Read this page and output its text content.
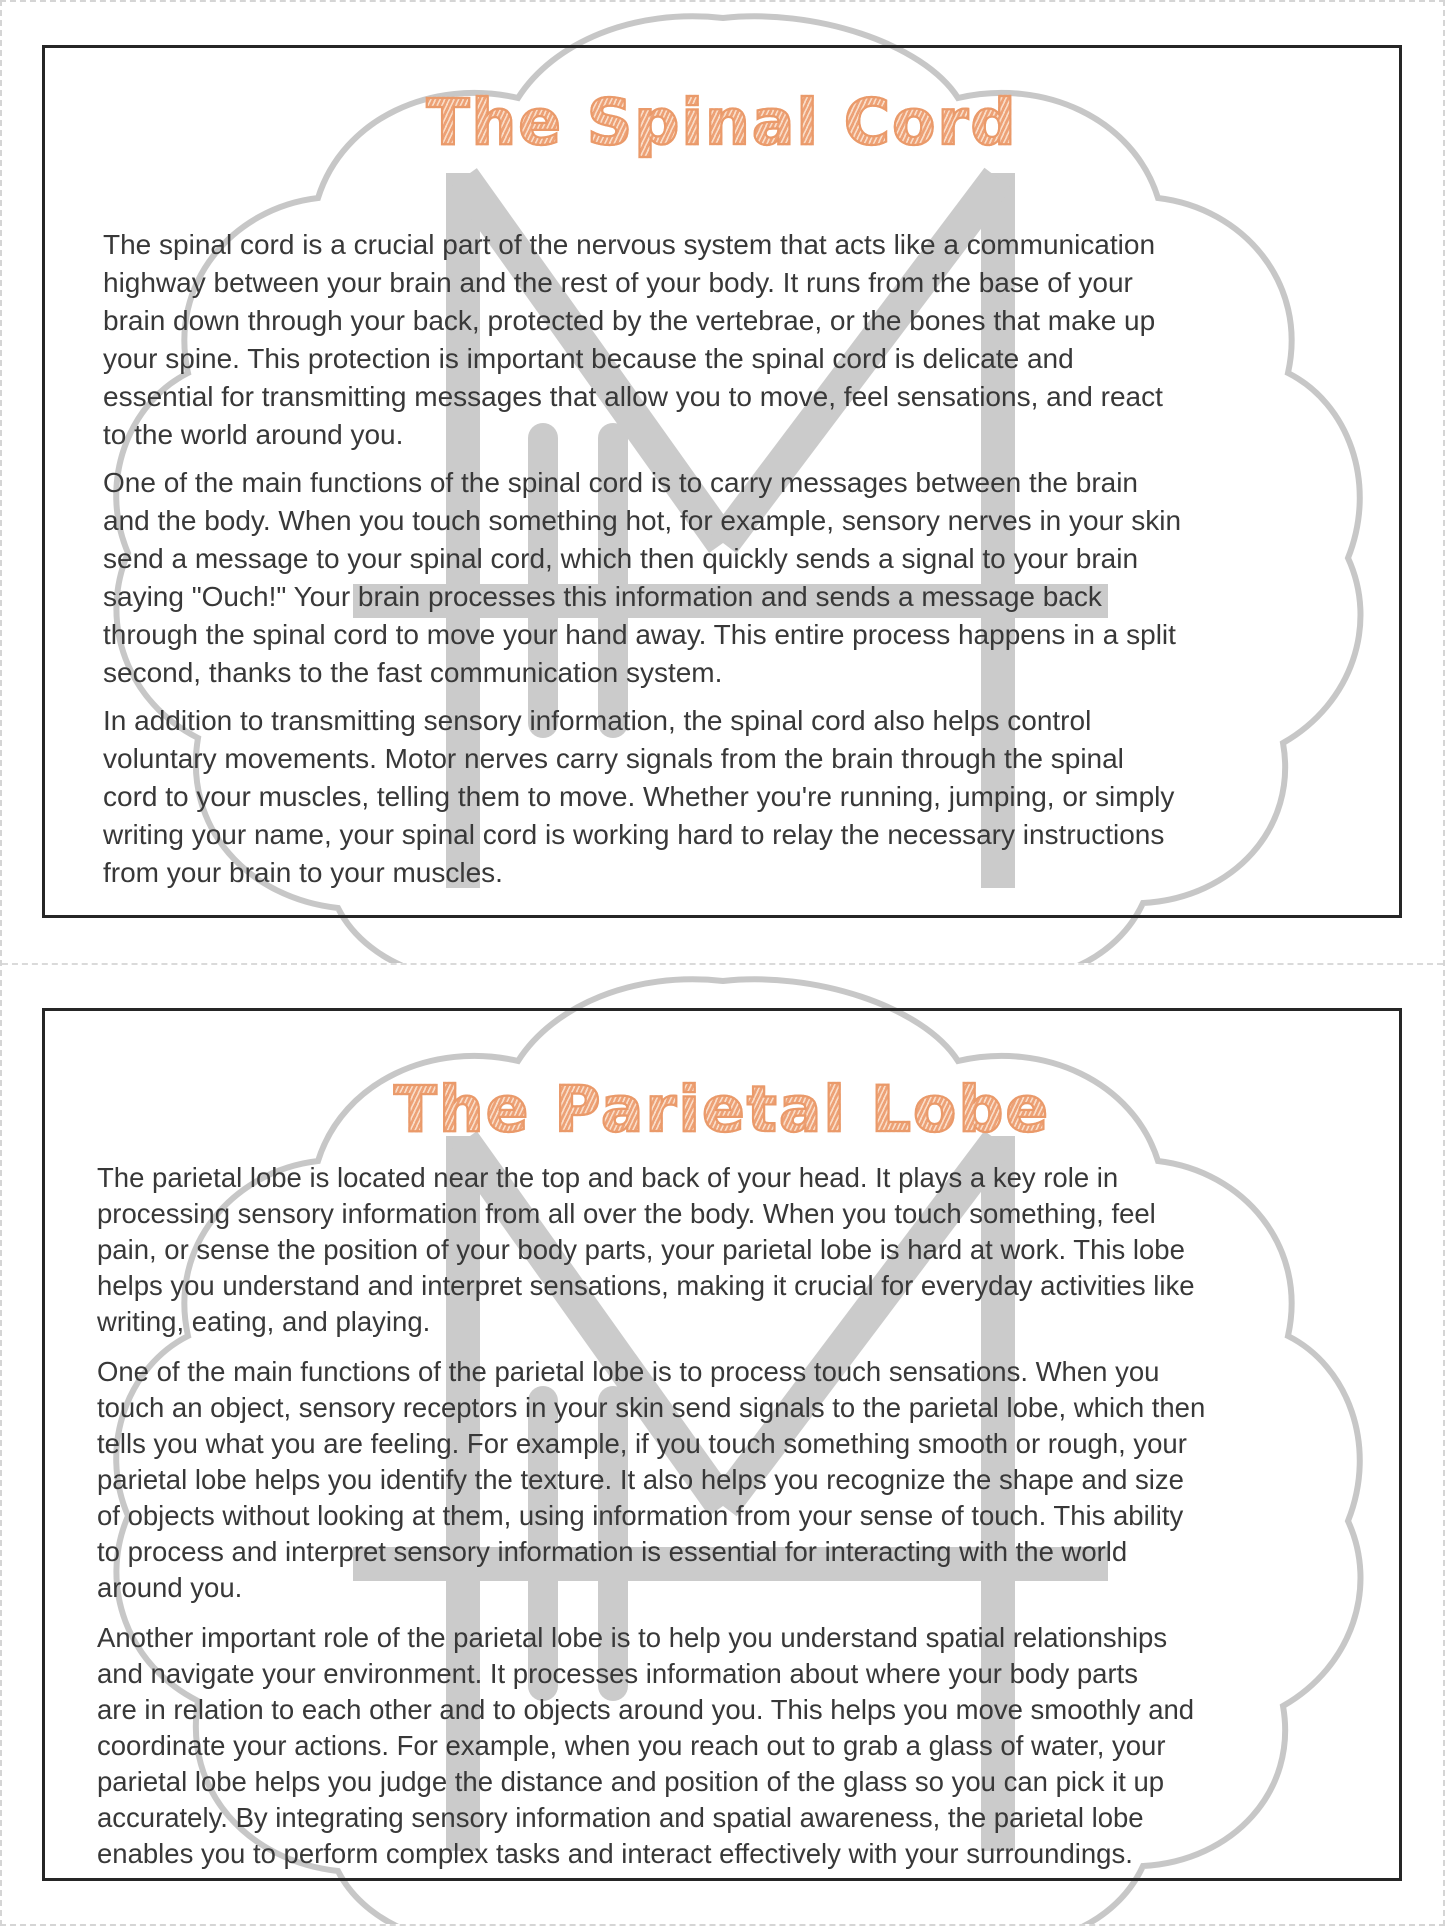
The Spinal Cord
The spinal cord is a crucial part of the nervous system that acts like a communication
highway between your brain and the rest of your body. It runs from the base of your
brain down through your back, protected by the vertebrae, or the bones that make up
your spine. This protection is important because the spinal cord is delicate and
essential for transmitting messages that allow you to move, feel sensations, and react
to the world around you.
One of the main functions of the spinal cord is to carry messages between the brain
and the body. When you touch something hot, for example, sensory nerves in your skin
send a message to your spinal cord, which then quickly sends a signal to your brain
saying "Ouch!" Your brain processes this information and sends a message back
through the spinal cord to move your hand away. This entire process happens in a split
second, thanks to the fast communication system.
In addition to transmitting sensory information, the spinal cord also helps control
voluntary movements. Motor nerves carry signals from the brain through the spinal
cord to your muscles, telling them to move. Whether you're running, jumping, or simply
writing your name, your spinal cord is working hard to relay the necessary instructions
from your brain to your muscles.
The Parietal Lobe
The parietal lobe is located near the top and back of your head. It plays a key role in
processing sensory information from all over the body. When you touch something, feel
pain, or sense the position of your body parts, your parietal lobe is hard at work. This lobe
helps you understand and interpret sensations, making it crucial for everyday activities like
writing, eating, and playing.
One of the main functions of the parietal lobe is to process touch sensations. When you
touch an object, sensory receptors in your skin send signals to the parietal lobe, which then
tells you what you are feeling. For example, if you touch something smooth or rough, your
parietal lobe helps you identify the texture. It also helps you recognize the shape and size
of objects without looking at them, using information from your sense of touch. This ability
to process and interpret sensory information is essential for interacting with the world
around you.
Another important role of the parietal lobe is to help you understand spatial relationships
and navigate your environment. It processes information about where your body parts
are in relation to each other and to objects around you. This helps you move smoothly and
coordinate your actions. For example, when you reach out to grab a glass of water, your
parietal lobe helps you judge the distance and position of the glass so you can pick it up
accurately. By integrating sensory information and spatial awareness, the parietal lobe
enables you to perform complex tasks and interact effectively with your surroundings.
